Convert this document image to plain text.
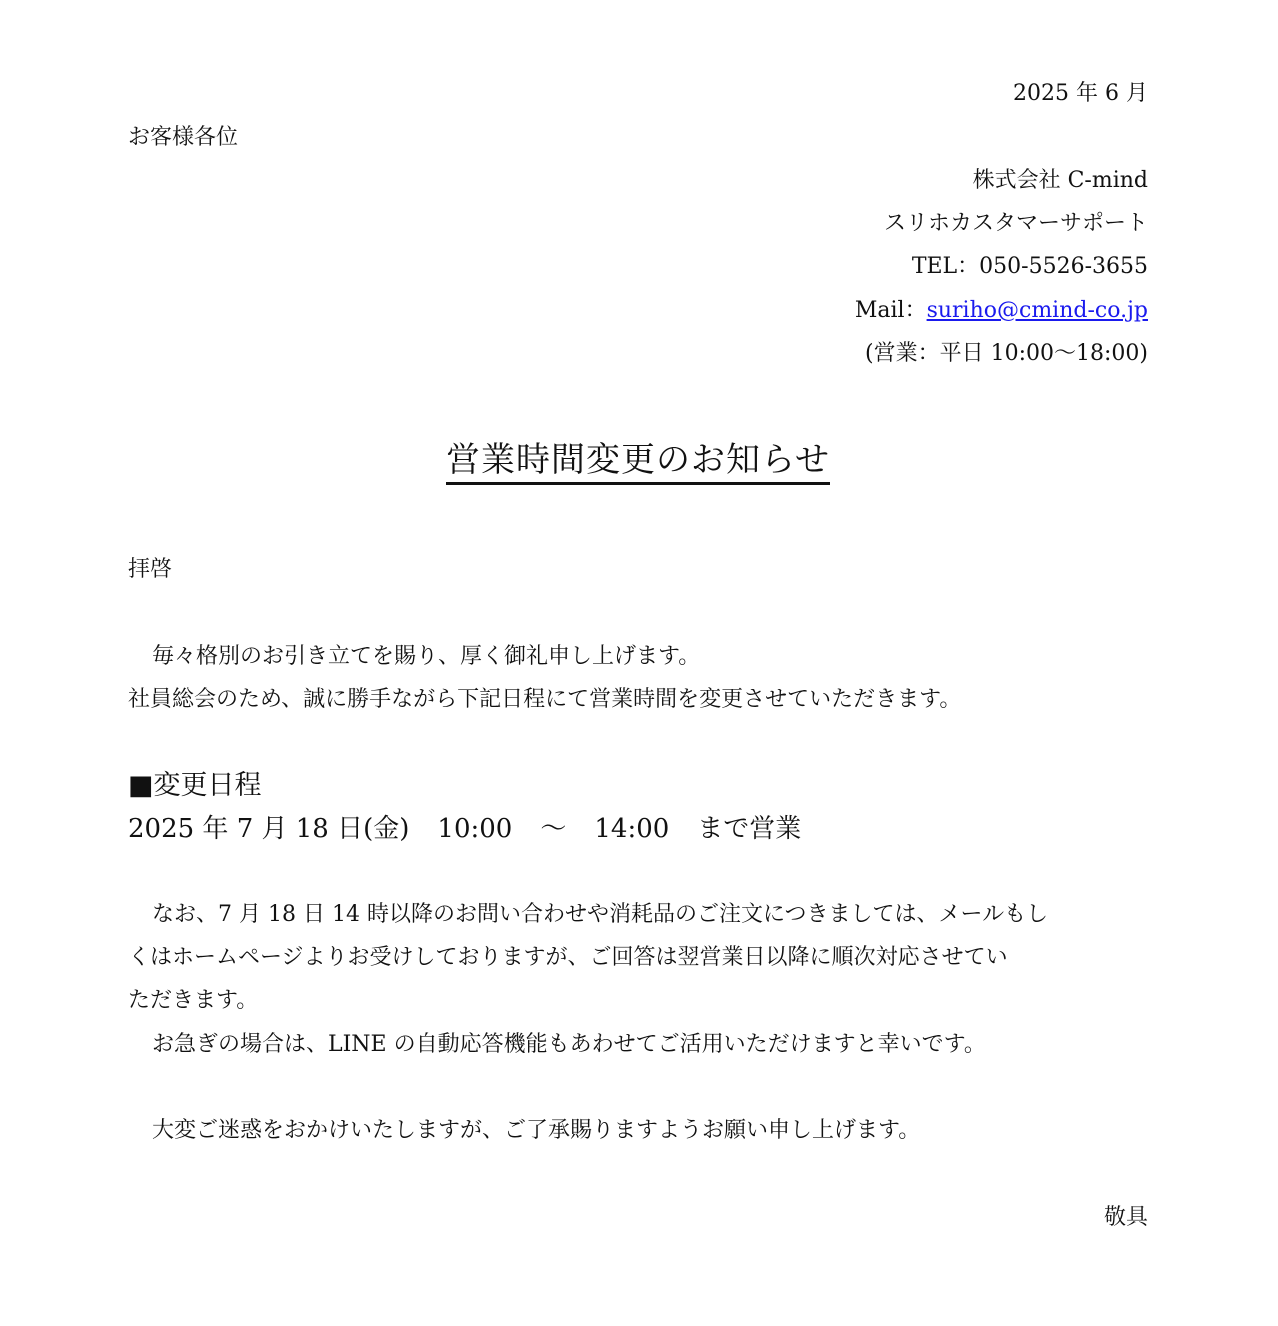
2025 年 6 月
お客様各位
株式会社 C-mind
スリホカスタマーサポート
TEL：050-5526-3655
Mail：suriho@cmind-co.jp
(営業：平日 10:00～18:00)
営業時間変更のお知らせ
拝啓
毎々格別のお引き立てを賜り、厚く御礼申し上げます。
社員総会のため、誠に勝手ながら下記日程にて営業時間を変更させていただきます。
■変更日程
2025 年 7 月 18 日(金) 10:00 ～ 14:00 まで営業
なお、7 月 18 日 14 時以降のお問い合わせや消耗品のご注文につきましては、メールもし
くはホームページよりお受けしておりますが、ご回答は翌営業日以降に順次対応させてい
ただきます。
お急ぎの場合は、LINE の自動応答機能もあわせてご活用いただけますと幸いです。
大変ご迷惑をおかけいたしますが、ご了承賜りますようお願い申し上げます。
敬具
